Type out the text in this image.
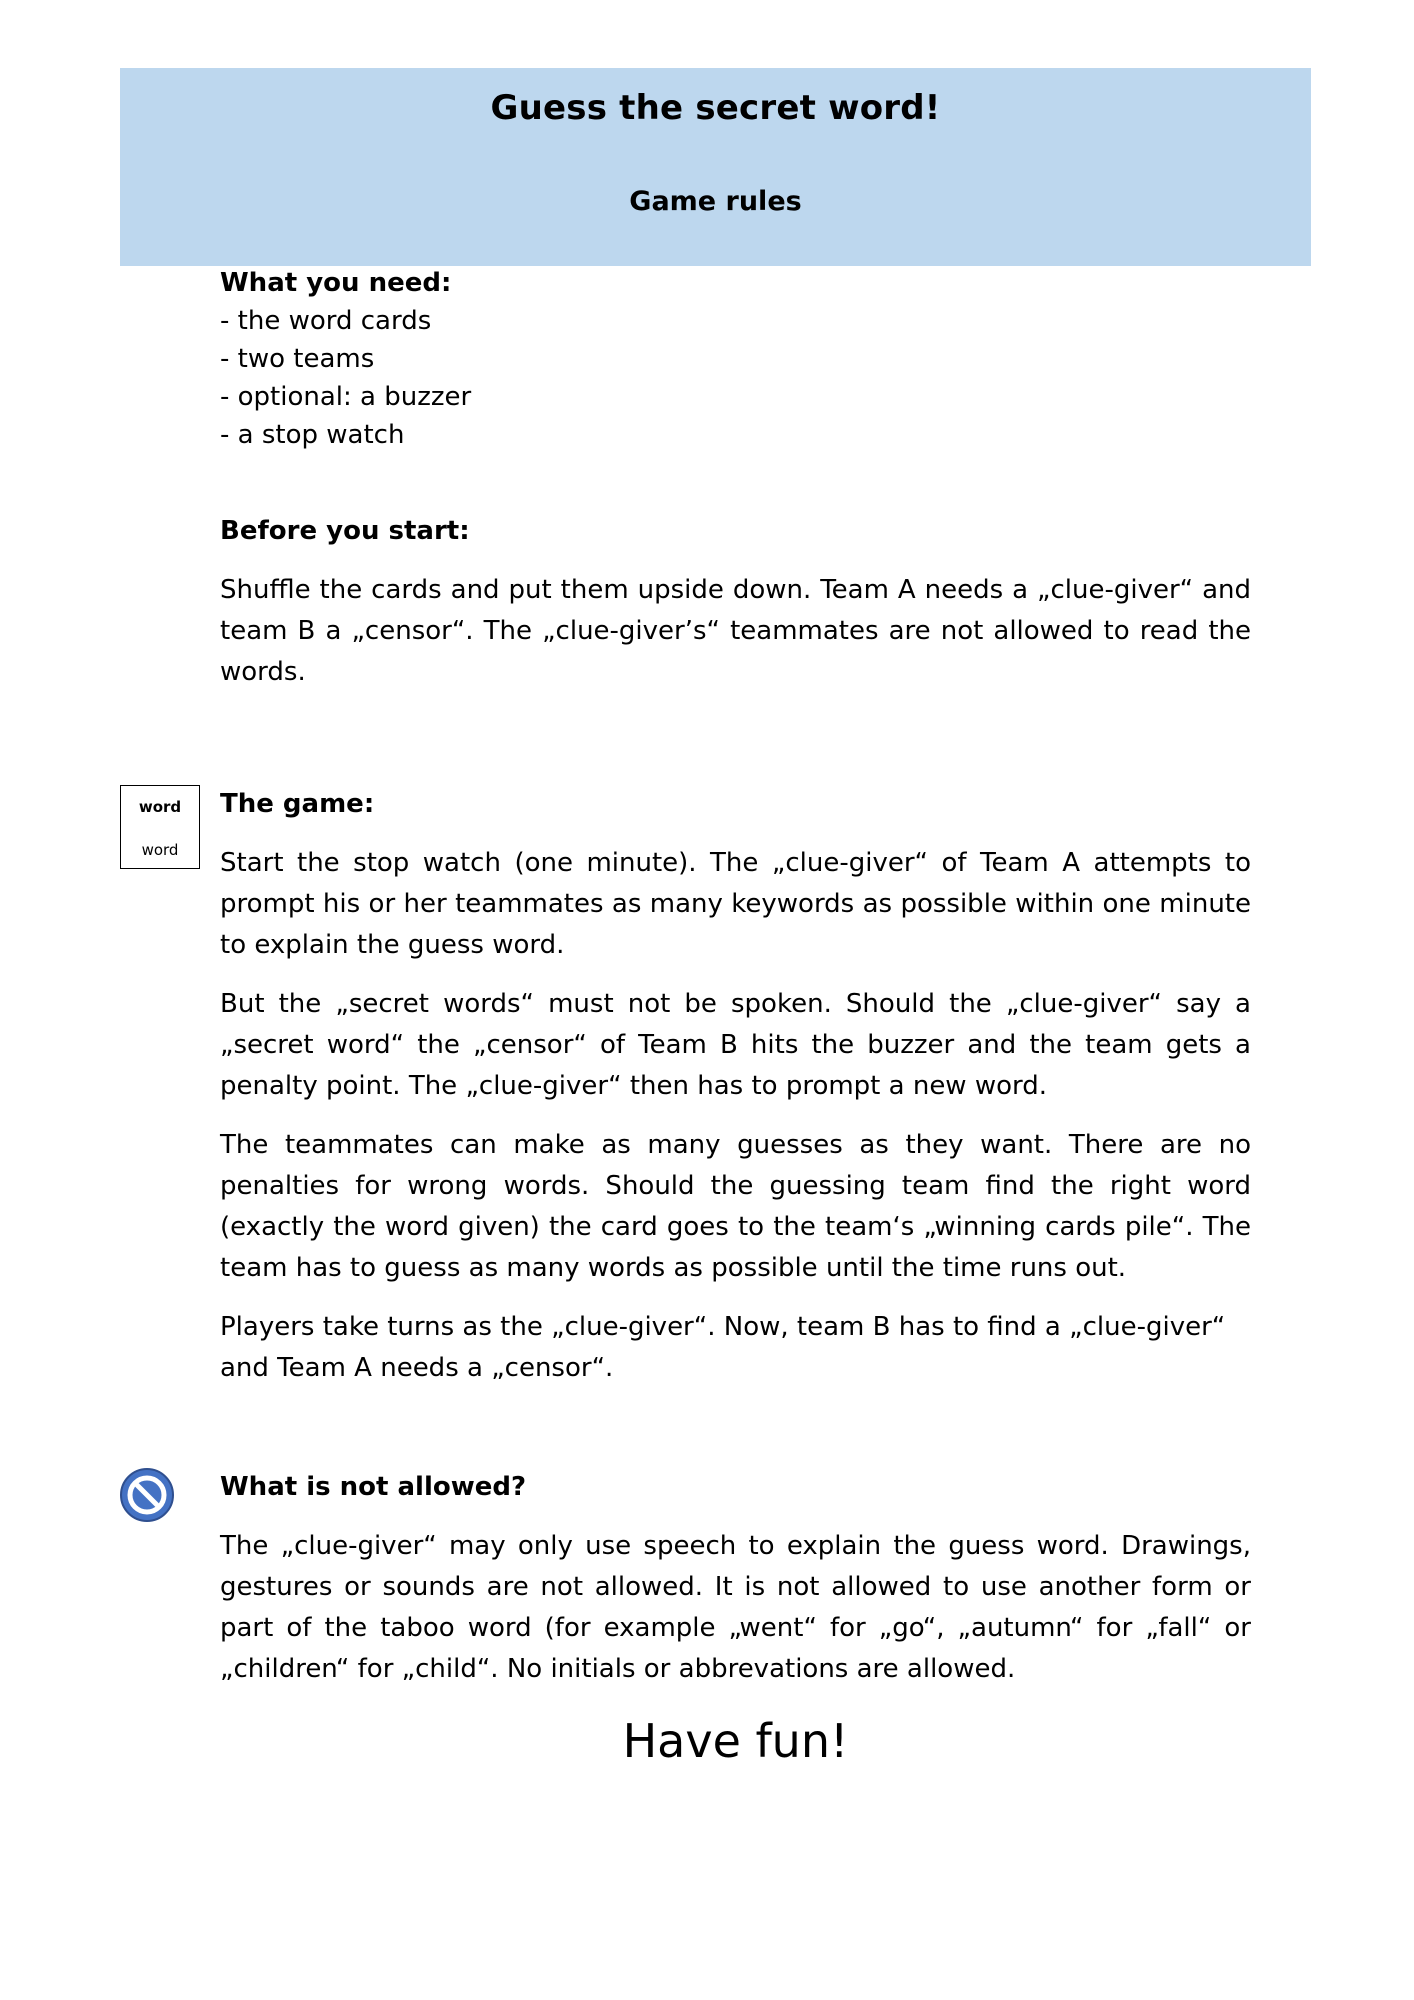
Guess the secret word!
Game rules
word
word

What you need:

- the word cards

- two teams

- optional: a buzzer

- a stop watch

Before you start:

Shuffle the cards and put them upside down. Team A needs a „clue-giver“ and team B a „censor“. The „clue-giver’s“ teammates are not allowed to read the words.

The game:

Start the stop watch (one minute). The „clue-giver“ of Team A attempts to prompt his or her teammates as many keywords as possible within one minute to explain the guess word.

But the „secret words“ must not be spoken. Should the „clue-giver“ say a „secret word“ the „censor“ of Team B hits the buzzer and the team gets a penalty point. The „clue-giver“ then has to prompt a new word.

The teammates can make as many guesses as they want. There are no penalties for wrong words. Should the guessing team find the right word (exactly the word given) the card goes to the team‘s „winning cards pile“. The team has to guess as many words as possible until the time runs out.

Players take turns as the „clue-giver“. Now, team B has to find a „clue-giver“ and Team A needs a „censor“.

What is not allowed?

The „clue-giver“ may only use speech to explain the guess word. Drawings, gestures or sounds are not allowed. It is not allowed to use another form or part of the taboo word (for example „went“ for „go“, „autumn“ for „fall“ or „children“ for „child“. No initials or abbrevations are allowed.

Have fun!
